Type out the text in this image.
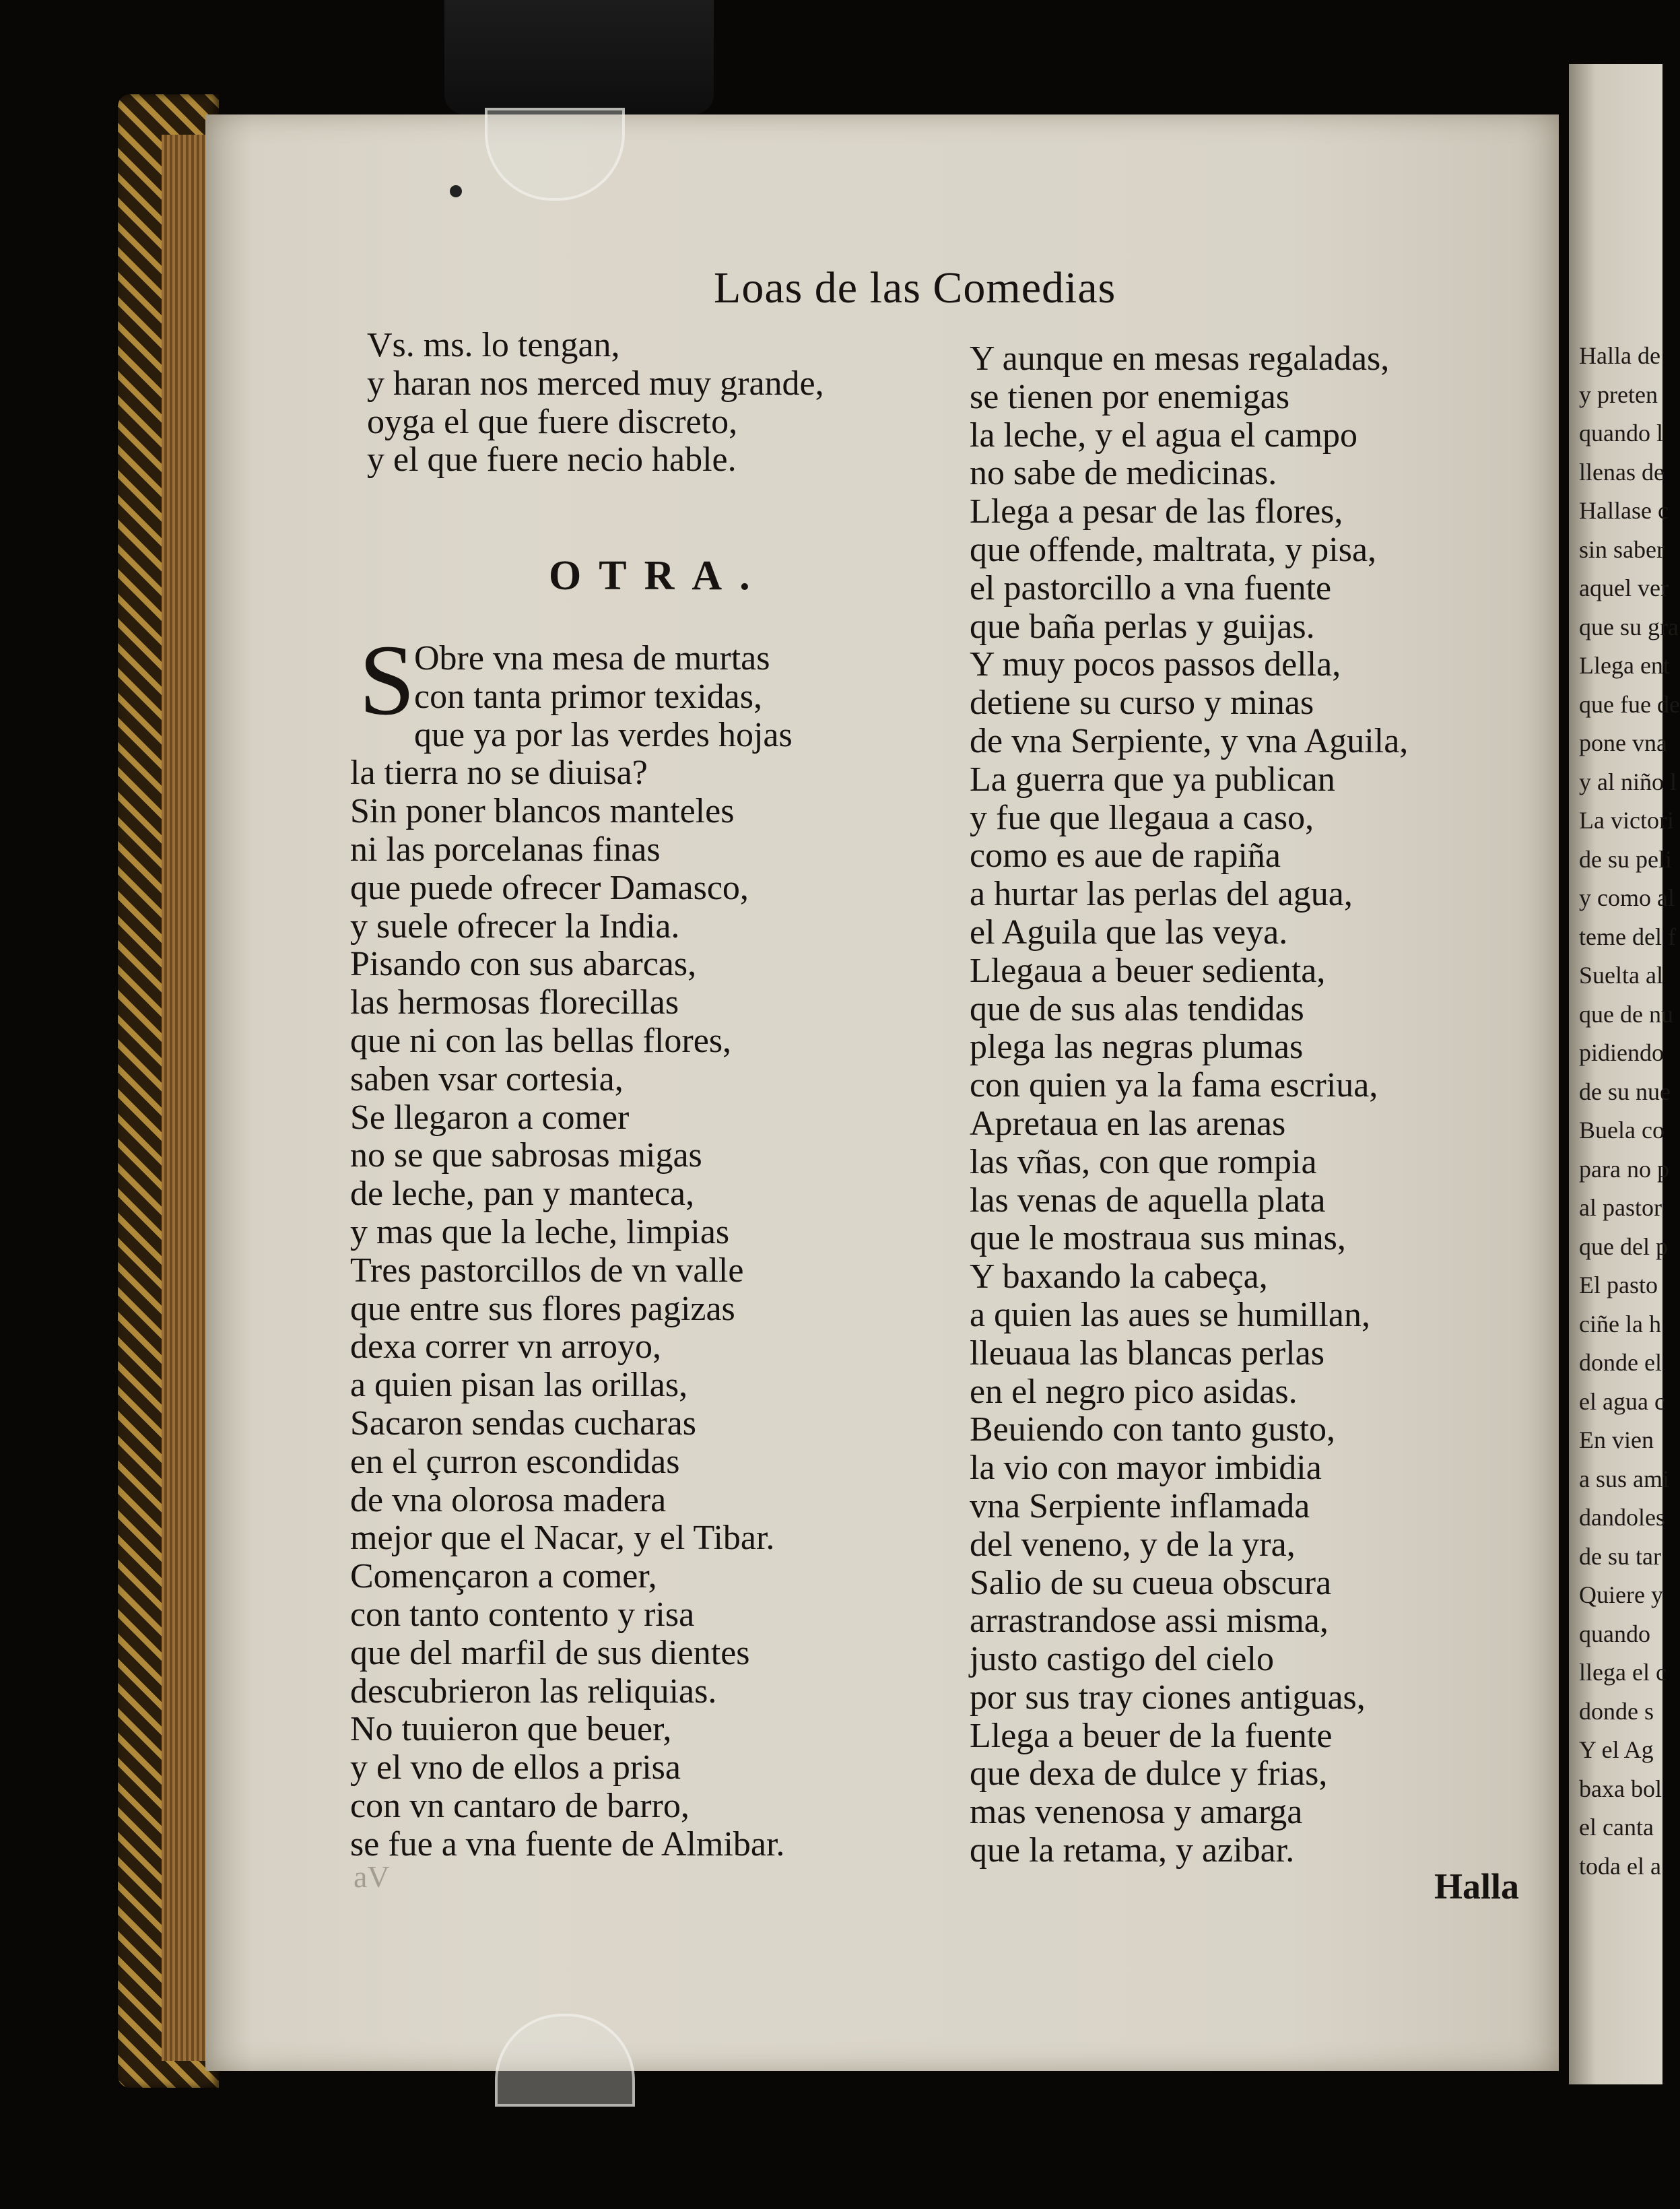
Loas de las Comedias
Vs. ms. lo tengan,
y haran nos merced muy grande,
oyga el que fuere discreto,
y el que fuere necio hable.
OTRA.
S
Obre vna mesa de murtas
con tanta primor texidas,
que ya por las verdes hojas
la tierra no se diuisa?
Sin poner blancos manteles
ni las porcelanas finas
que puede ofrecer Damasco,
y suele ofrecer la India.
Pisando con sus abarcas,
las hermosas florecillas
que ni con las bellas flores,
saben vsar cortesia,
Se llegaron a comer
no se que sabrosas migas
de leche, pan y manteca,
y mas que la leche, limpias
Tres pastorcillos de vn valle
que entre sus flores pagizas
dexa correr vn arroyo,
a quien pisan las orillas,
Sacaron sendas cucharas
en el çurron escondidas
de vna olorosa madera
mejor que el Nacar, y el Tibar.
Començaron a comer,
con tanto contento y risa
que del marfil de sus dientes
descubrieron las reliquias.
No tuuieron que beuer,
y el vno de ellos a prisa
con vn cantaro de barro,
se fue a vna fuente de Almibar.
Y aunque en mesas regaladas,
se tienen por enemigas
la leche, y el agua el campo
no sabe de medicinas.
Llega a pesar de las flores,
que offende, maltrata, y pisa,
el pastorcillo a vna fuente
que baña perlas y guijas.
Y muy pocos passos della,
detiene su curso y minas
de vna Serpiente, y vna Aguila,
La guerra que ya publican
y fue que llegaua a caso,
como es aue de rapiña
a hurtar las perlas del agua,
el Aguila que las veya.
Llegaua a beuer sedienta,
que de sus alas tendidas
plega las negras plumas
con quien ya la fama escriua,
Apretaua en las arenas
las vñas, con que rompia
las venas de aquella plata
que le mostraua sus minas,
Y baxando la cabeça,
a quien las aues se humillan,
lleuaua las blancas perlas
en el negro pico asidas.
Beuiendo con tanto gusto,
la vio con mayor imbidia
vna Serpiente inflamada
del veneno, y de la yra,
Salio de su cueua obscura
arrastrandose assi misma,
justo castigo del cielo
por sus tray ciones antiguas,
Llega a beuer de la fuente
que dexa de dulce y frias,
mas venenosa y amarga
que la retama, y azibar.
Halla
aV
Halla de
y preten
quando l
llenas de
Hallase c
sin saber
aquel ver
que su gra
Llega ent
que fue de
pone vna
y al niño l
La victori
de su peli
y como al
teme del f
Suelta al
que de nu
pidiendo
de su nue
Buela co
para no p
al pastor
que del p
El pasto
ciñe la h
donde el
el agua c
En vien
a sus ami
dandoles
de su tar
Quiere y
quando
llega el c
donde s
Y el Ag
baxa bol
el canta
toda el a
